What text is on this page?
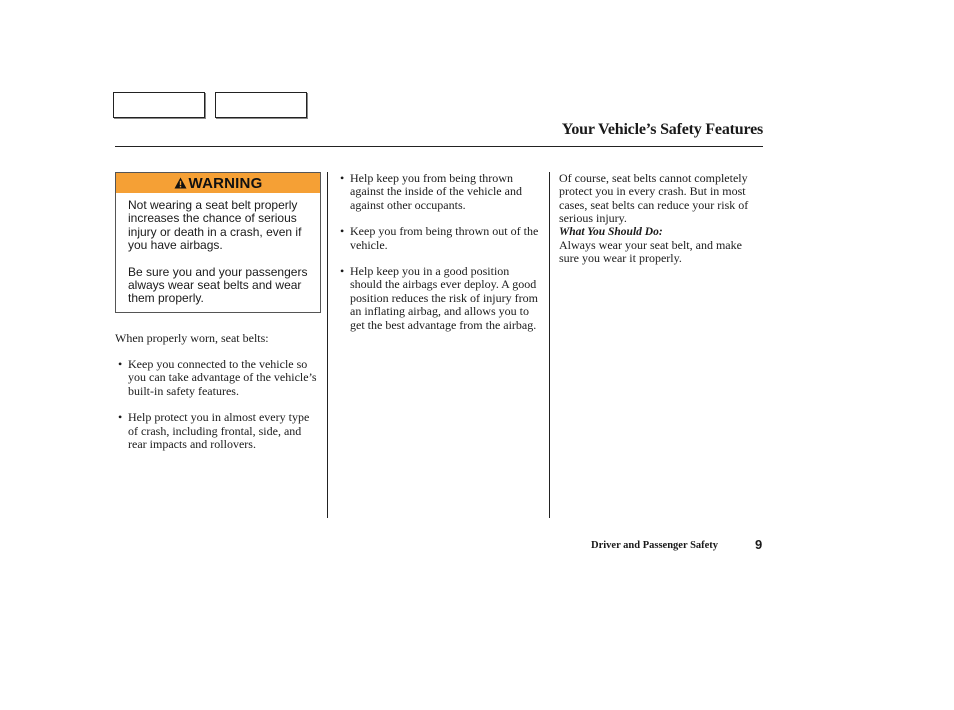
Your Vehicle’s Safety Features
WARNING

Not wearing a seat belt properly increases the chance of serious injury or death in a crash, even if you have airbags.

Be sure you and your passengers always wear seat belts and wear them properly.

When properly worn, seat belts:

• Keep you connected to the vehicle so you can take advantage of the vehicle’s built-in safety features.
• Help protect you in almost every type of crash, including frontal, side, and rear impacts and rollovers.
• Help keep you from being thrown against the inside of the vehicle and against other occupants.
• Keep you from being thrown out of the vehicle.
• Help keep you in a good position should the airbags ever deploy. A good position reduces the risk of injury from an inflating airbag, and allows you to get the best advantage from the airbag.

Of course, seat belts cannot completely protect you in every crash. But in most cases, seat belts can reduce your risk of serious injury.

What You Should Do:

Always wear your seat belt, and make sure you wear it properly.

Driver and Passenger Safety	9
